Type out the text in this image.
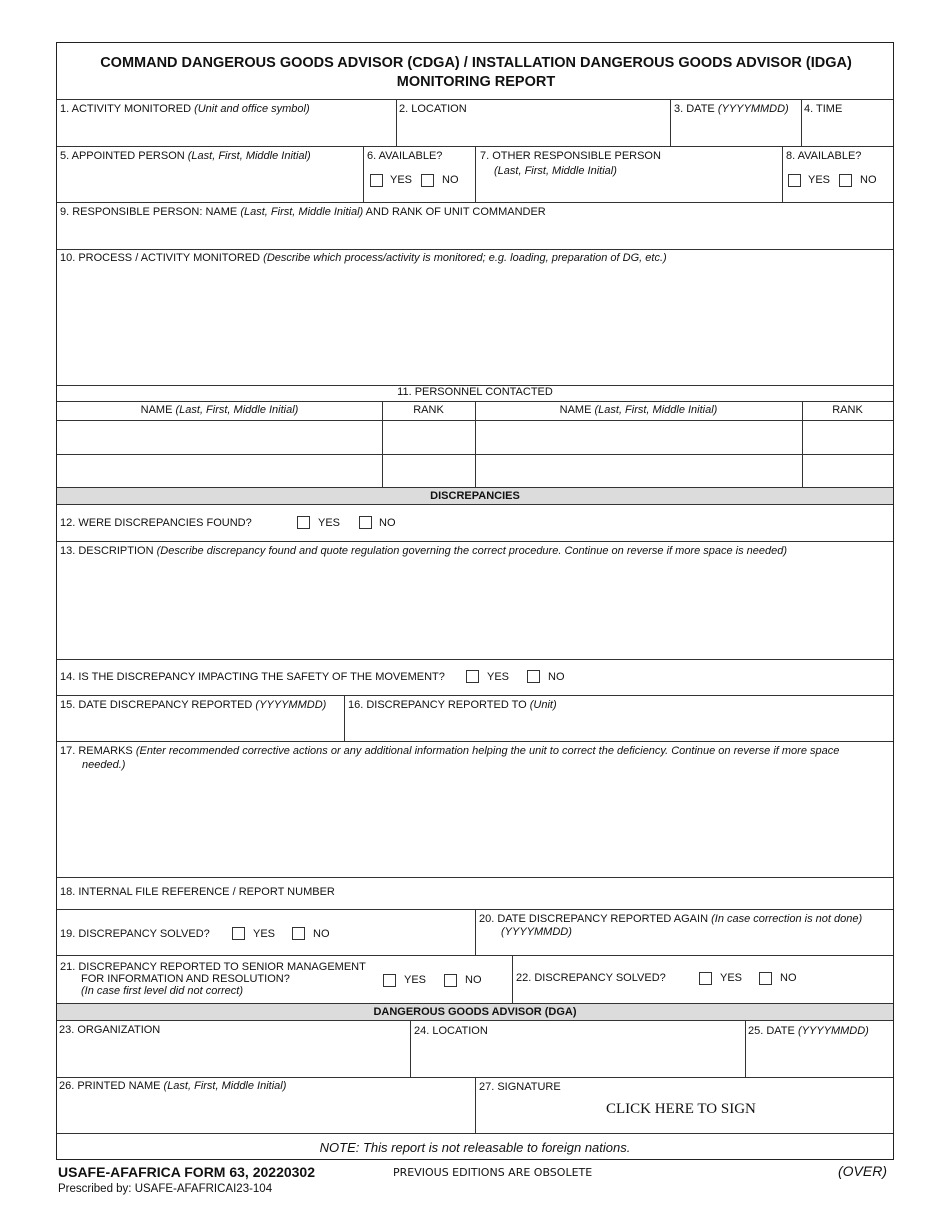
COMMAND DANGEROUS GOODS ADVISOR (CDGA) / INSTALLATION DANGEROUS GOODS ADVISOR (IDGA)
MONITORING REPORT
1. ACTIVITY MONITORED (Unit and office symbol)	2. LOCATION	3. DATE (YYYYMMDD) 4. TIME
5. APPOINTED PERSON (Last, First, Middle Initial)	6. AVAILABLE?
YES	NO
7. OTHER RESPONSIBLE PERSON
(Last, First, Middle Initial)
8. AVAILABLE?
YES	NO
9. RESPONSIBLE PERSON: NAME (Last, First, Middle Initial) AND RANK OF UNIT COMMANDER
10. PROCESS / ACTIVITY MONITORED (Describe which process/activity is monitored; e.g. loading, preparation of DG, etc.)
11. PERSONNEL CONTACTED
NAME (Last, First, Middle Initial)	RANK	NAME (Last, First, Middle Initial)	RANK
DISCREPANCIES
12. WERE DISCREPANCIES FOUND?	YES	NO
13. DESCRIPTION (Describe discrepancy found and quote regulation governing the correct procedure. Continue on reverse if more space is needed)
14. IS THE DISCREPANCY IMPACTING THE SAFETY OF THE MOVEMENT?	YES	NO
15. DATE DISCREPANCY REPORTED (YYYYMMDD) 16. DISCREPANCY REPORTED TO (Unit)
17. REMARKS (Enter recommended corrective actions or any additional information helping the unit to correct the deficiency. Continue on reverse if more space
needed.)
18. INTERNAL FILE REFERENCE / REPORT NUMBER
19. DISCREPANCY SOLVED?	YES	NO
20. DATE DISCREPANCY REPORTED AGAIN (In case correction is not done)
(YYYYMMDD)
21. DISCREPANCY REPORTED TO SENIOR MANAGEMENT
FOR INFORMATION AND RESOLUTION?
(In case first level did not correct)
YES	NO	22. DISCREPANCY SOLVED?	YES	NO
DANGEROUS GOODS ADVISOR (DGA)
23. ORGANIZATION	24. LOCATION	25. DATE (YYYYMMDD)
26. PRINTED NAME (Last, First, Middle Initial)	27. SIGNATURE
CLICK HERE TO SIGN
NOTE: This report is not releasable to foreign nations.
USAFE-AFAFRICA FORM 63, 20220302
Prescribed by: USAFE-AFAFRICAI23-104
PREVIOUS EDITIONS ARE OBSOLETE	(OVER)
